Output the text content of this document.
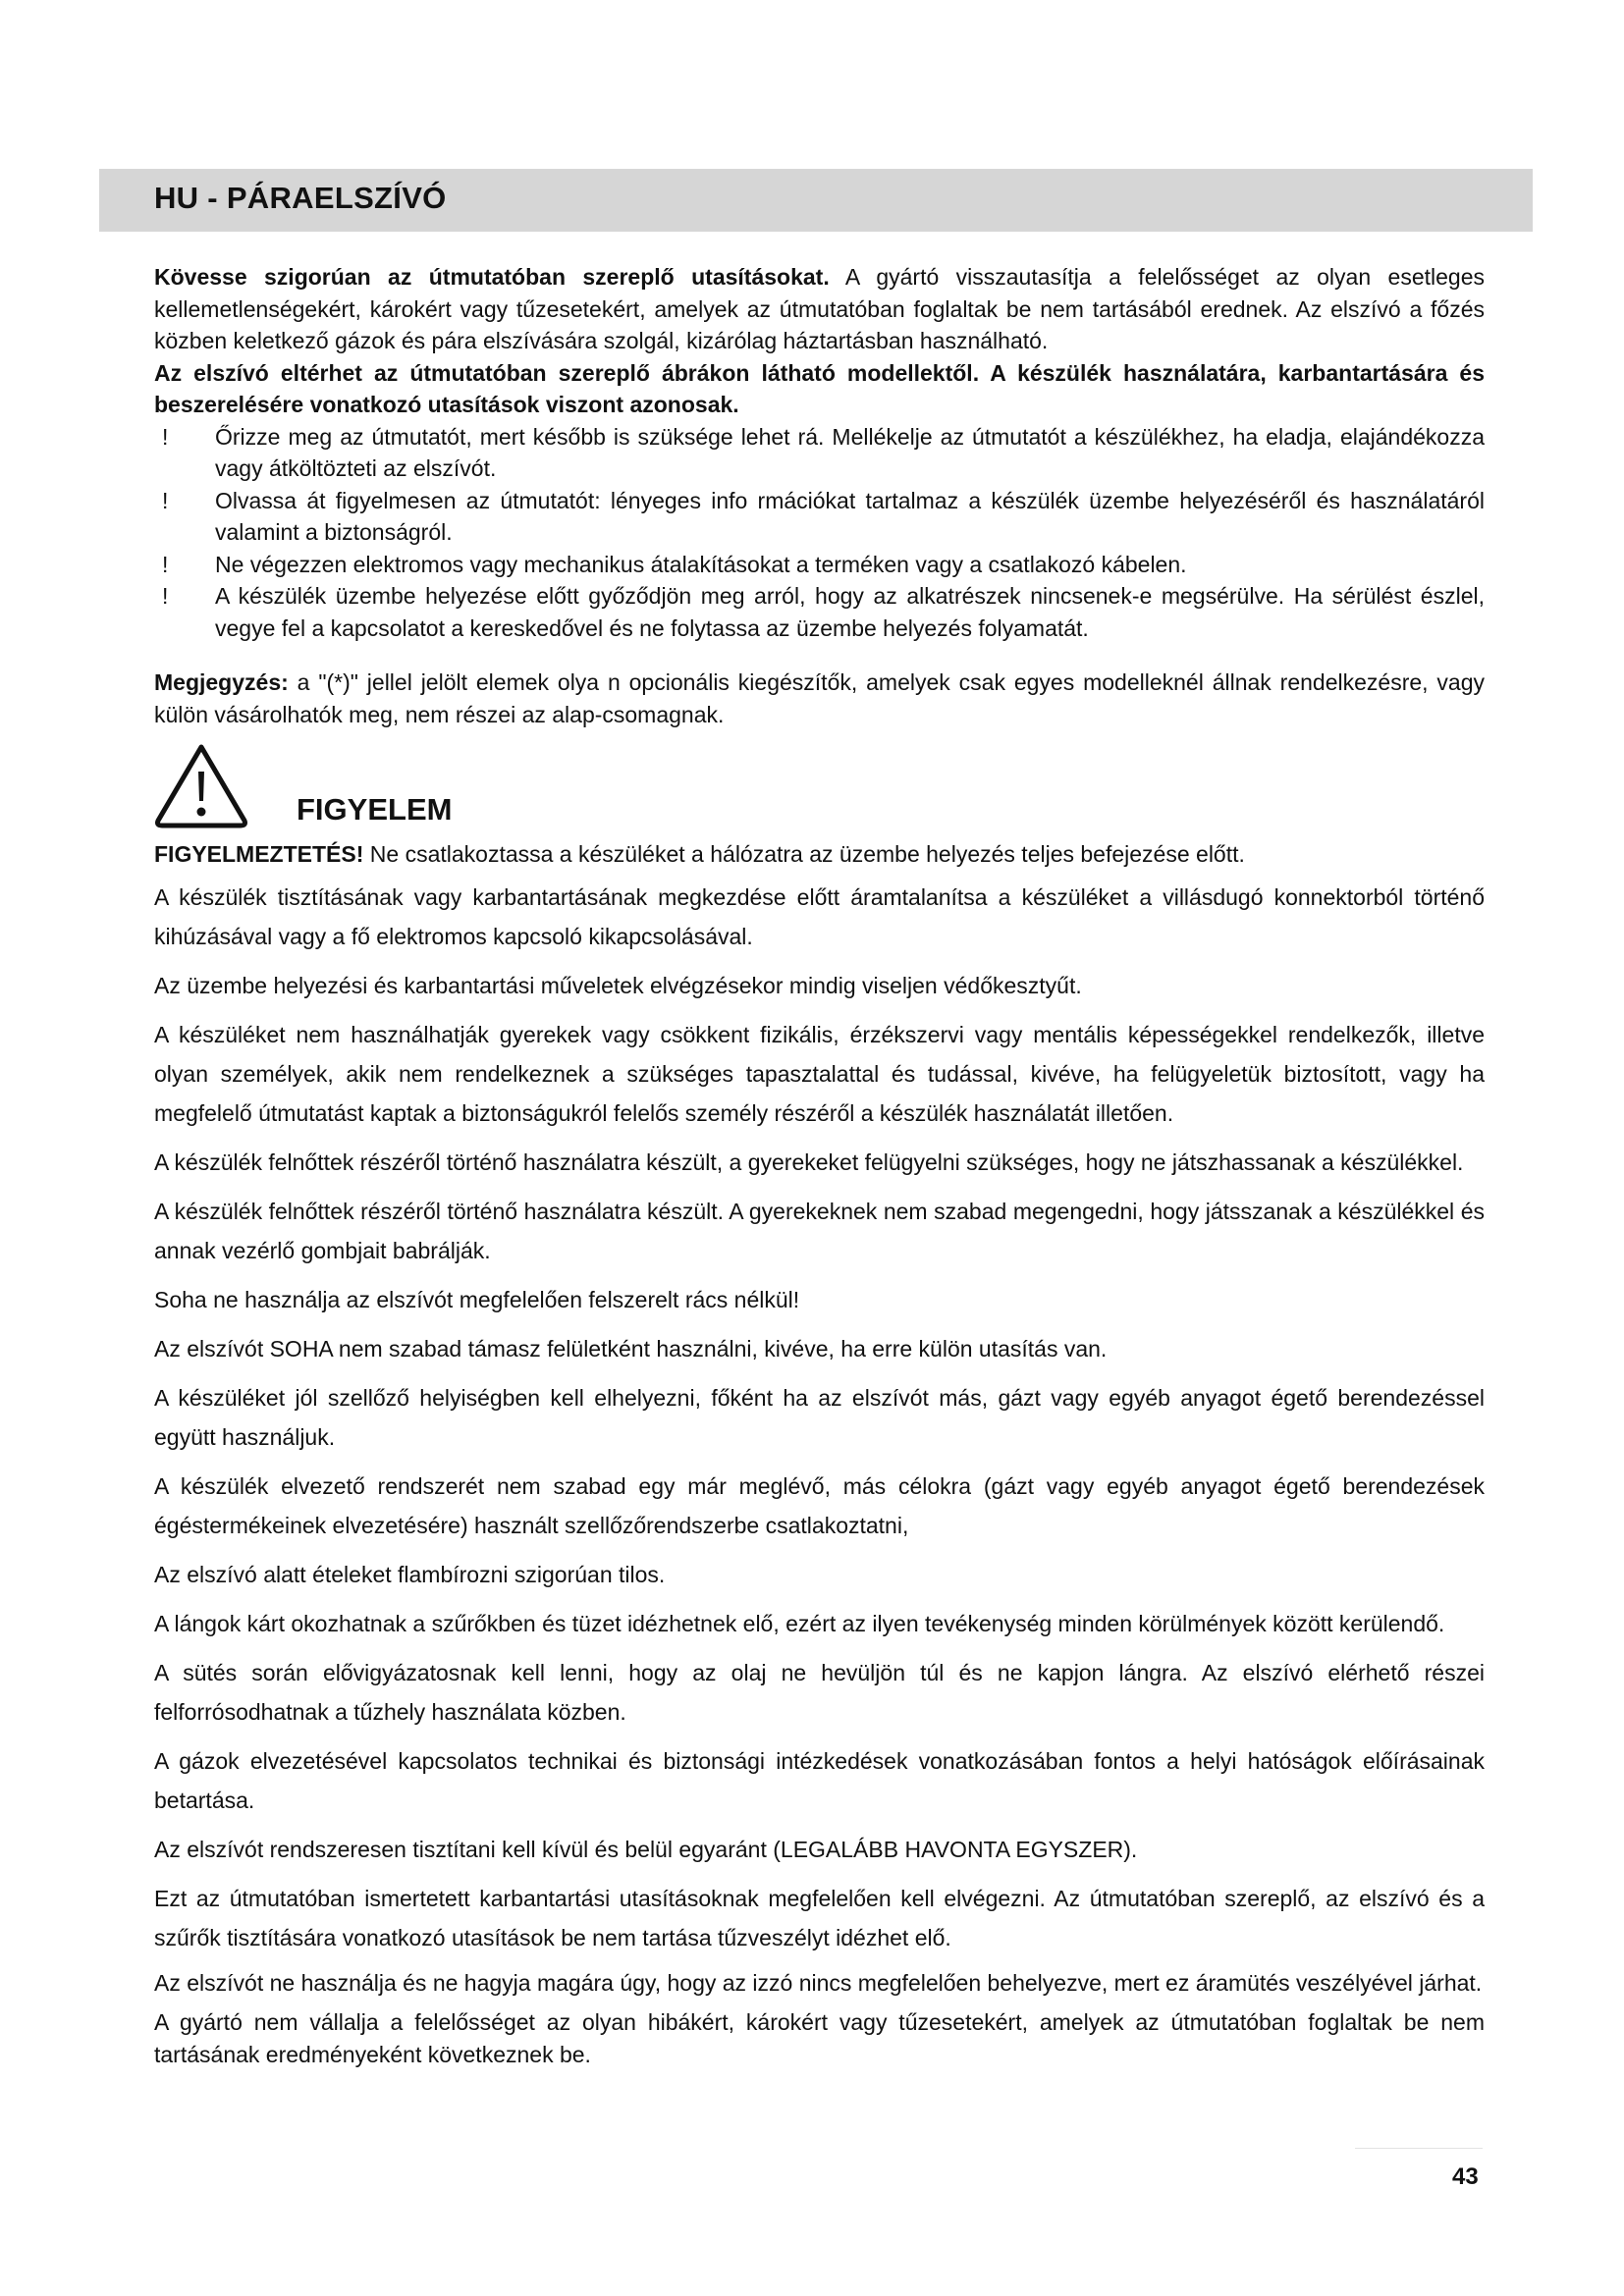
HU - PÁRAELSZÍVÓ

Kövesse szigorúan az útmutatóban szereplő utasításokat. A gyártó visszautasítja a felelősséget az olyan esetleges kellemetlenségekért, károkért vagy tűzesetekért, amelyek az útmutatóban foglaltak be nem tartásából erednek. Az elszívó a főzés közben keletkező gázok és pára elszívására szolgál, kizárólag háztartásban használható.

Az elszívó eltérhet az útmutatóban szereplő ábrákon látható modellektől. A készülék használatára, karbantartására és beszerelésére vonatkozó utasítások viszont azonosak.

! Őrizze meg az útmutatót, mert később is szüksége lehet rá. Mellékelje az útmutatót a készülékhez, ha eladja, elajándékozza vagy átköltözteti az elszívót.
! Olvassa át figyelmesen az útmutatót: lényeges info rmációkat tartalmaz a készülék üzembe helyezéséről és használatáról valamint a biztonságról.
! Ne végezzen elektromos vagy mechanikus átalakításokat a terméken vagy a csatlakozó kábelen.
! A készülék üzembe helyezése előtt győződjön meg arról, hogy az alkatrészek nincsenek-e megsérülve. Ha sérülést észlel, vegye fel a kapcsolatot a kereskedővel és ne folytassa az üzembe helyezés folyamatát.

Megjegyzés: a "(*)" jellel jelölt elemek olya n opcionális kiegészítők, amelyek csak egyes modelleknél állnak rendelkezésre, vagy külön vásárolhatók meg, nem részei az alap-csomagnak.

FIGYELEM

FIGYELMEZTETÉS! Ne csatlakoztassa a készüléket a hálózatra az üzembe helyezés teljes befejezése előtt.

A készülék tisztításának vagy karbantartásának megkezdése előtt áramtalanítsa a készüléket a villásdugó konnektorból történő kihúzásával vagy a fő elektromos kapcsoló kikapcsolásával.

Az üzembe helyezési és karbantartási műveletek elvégzésekor mindig viseljen védőkesztyűt.

A készüléket nem használhatják gyerekek vagy csökkent fizikális, érzékszervi vagy mentális képességekkel rendelkezők, illetve olyan személyek, akik nem rendelkeznek a szükséges tapasztalattal és tudással, kivéve, ha felügyeletük biztosított, vagy ha megfelelő útmutatást kaptak a biztonságukról felelős személy részéről a készülék használatát illetően.

A készülék felnőttek részéről történő használatra készült, a gyerekeket felügyelni szükséges, hogy ne játszhassanak a készülékkel.

A készülék felnőttek részéről történő használatra készült. A gyerekeknek nem szabad megengedni, hogy játsszanak a készülékkel és annak vezérlő gombjait babrálják.

Soha ne használja az elszívót megfelelően felszerelt rács nélkül!

Az elszívót SOHA nem szabad támasz felületként használni, kivéve, ha erre külön utasítás van.

A készüléket jól szellőző helyiségben kell elhelyezni, főként ha az elszívót más, gázt vagy egyéb anyagot égető berendezéssel együtt használjuk.

A készülék elvezető rendszerét nem szabad egy már meglévő, más célokra (gázt vagy egyéb anyagot égető berendezések égéstermékeinek elvezetésére) használt szellőzőrendszerbe csatlakoztatni,

Az elszívó alatt ételeket flambírozni szigorúan tilos.

A lángok kárt okozhatnak a szűrőkben és tüzet idézhetnek elő, ezért az ilyen tevékenység minden körülmények között kerülendő.

A sütés során elővigyázatosnak kell lenni, hogy az olaj ne hevüljön túl és ne kapjon lángra. Az elszívó elérhető részei felforrósodhatnak a tűzhely használata közben.

A gázok elvezetésével kapcsolatos technikai és biztonsági intézkedések vonatkozásában fontos a helyi hatóságok előírásainak betartása.

Az elszívót rendszeresen tisztítani kell kívül és belül egyaránt (LEGALÁBB HAVONTA EGYSZER).

Ezt az útmutatóban ismertetett karbantartási utasításoknak megfelelően kell elvégezni. Az útmutatóban szereplő, az elszívó és a szűrők tisztítására vonatkozó utasítások be nem tartása tűzveszélyt idézhet elő.

Az elszívót ne használja és ne hagyja magára úgy, hogy az izzó nincs megfelelően behelyezve, mert ez áramütés veszélyével járhat.

A gyártó nem vállalja a felelősséget az olyan hibákért, károkért vagy tűzesetekért, amelyek az útmutatóban foglaltak be nem tartásának eredményeként következnek be.

43
